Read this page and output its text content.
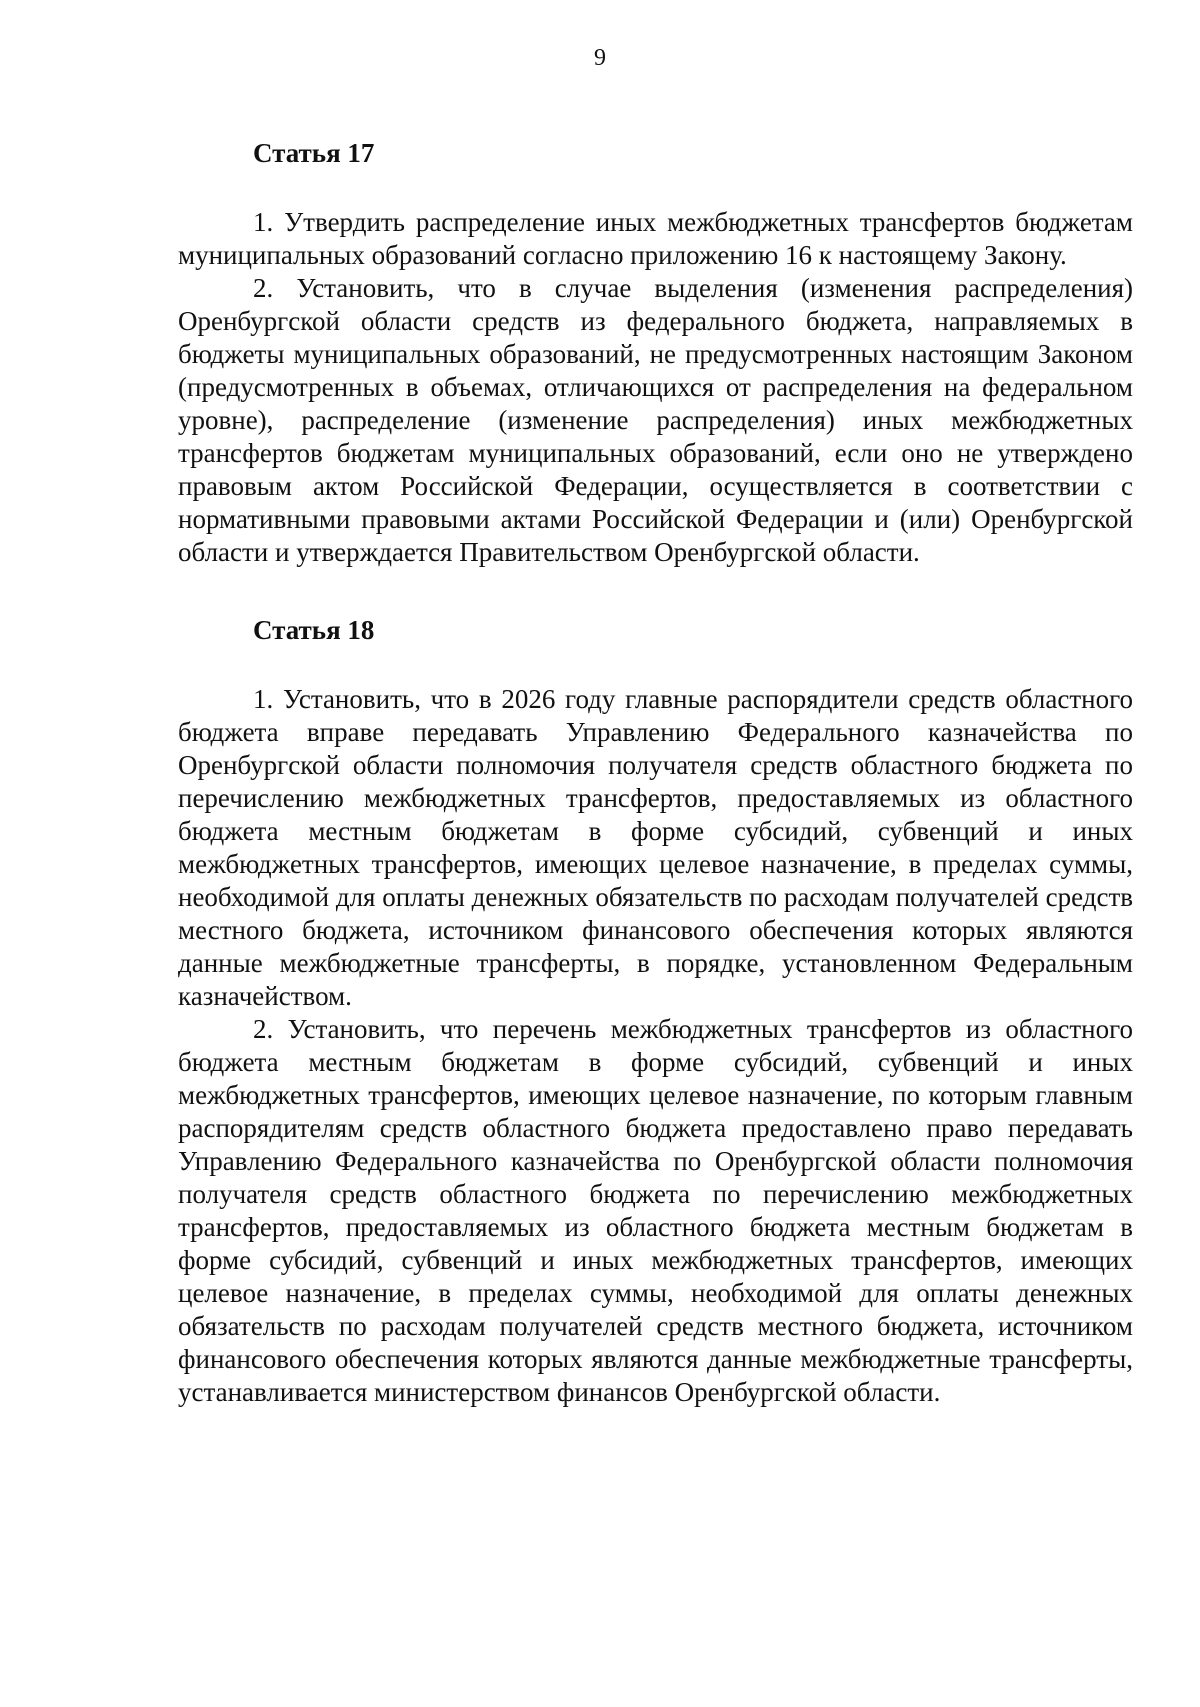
9
Статья 17

1. Утвердить распределение иных межбюджетных трансфертов бюджетам муниципальных образований согласно приложению 16 к настоящему Закону.

2. Установить, что в случае выделения (изменения распределения) Оренбургской области средств из федерального бюджета, направляемых в бюджеты муниципальных образований, не предусмотренных настоящим Законом (предусмотренных в объемах, отличающихся от распределения на федеральном уровне), распределение (изменение распределения) иных межбюджетных трансфертов бюджетам муниципальных образований, если оно не утверждено правовым актом Российской Федерации, осуществляется в соответствии с нормативными правовыми актами Российской Федерации и (или) Оренбургской области и утверждается Правительством Оренбургской области.

Статья 18

1. Установить, что в 2026 году главные распорядители средств областного бюджета вправе передавать Управлению Федерального казначейства по Оренбургской области полномочия получателя средств областного бюджета по перечислению межбюджетных трансфертов, предоставляемых из областного бюджета местным бюджетам в форме субсидий, субвенций и иных межбюджетных трансфертов, имеющих целевое назначение, в пределах суммы, необходимой для оплаты денежных обязательств по расходам получателей средств местного бюджета, источником финансового обеспечения которых являются данные межбюджетные трансферты, в порядке, установленном Федеральным казначейством.

2. Установить, что перечень межбюджетных трансфертов из областного бюджета местным бюджетам в форме субсидий, субвенций и иных межбюджетных трансфертов, имеющих целевое назначение, по которым главным распорядителям средств областного бюджета предоставлено право передавать Управлению Федерального казначейства по Оренбургской области полномочия получателя средств областного бюджета по перечислению межбюджетных трансфертов, предоставляемых из областного бюджета местным бюджетам в форме субсидий, субвенций и иных межбюджетных трансфертов, имеющих целевое назначение, в пределах суммы, необходимой для оплаты денежных обязательств по расходам получателей средств местного бюджета, источником финансового обеспечения которых являются данные межбюджетные трансферты, устанавливается министерством финансов Оренбургской области.
